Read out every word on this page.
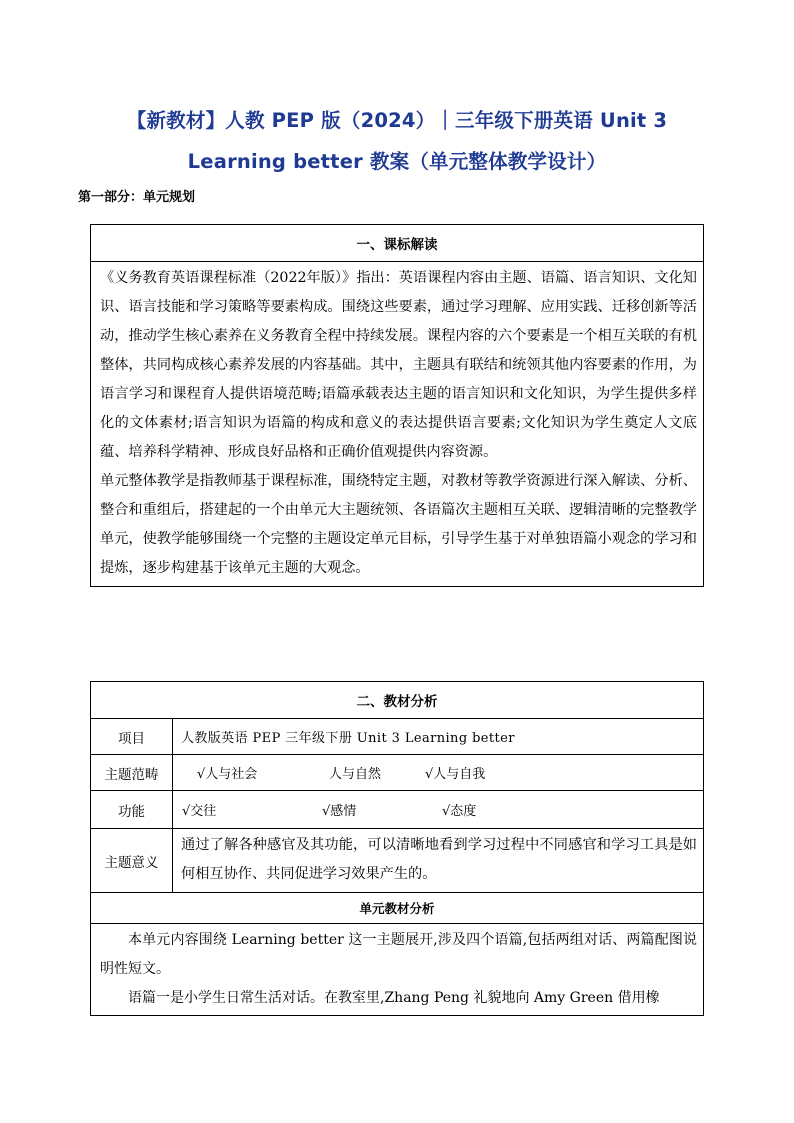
【新教材】人教 PEP 版（2024）｜三年级下册英语 Unit 3
Learning better 教案（单元整体教学设计）
第一部分：单元规划
一、课标解读

《义务教育英语课程标准（2022年版）》指出：英语课程内容由主题、语篇、语言知识、文化知识、语言技能和学习策略等要素构成。围绕这些要素，通过学习理解、应用实践、迁移创新等活动，推动学生核心素养在义务教育全程中持续发展。课程内容的六个要素是一个相互关联的有机整体，共同构成核心素养发展的内容基础。其中，主题具有联结和统领其他内容要素的作用，为语言学习和课程育人提供语境范畴;语篇承载表达主题的语言知识和文化知识，为学生提供多样化的文体素材;语言知识为语篇的构成和意义的表达提供语言要素;文化知识为学生奠定人文底蕴、培养科学精神、形成良好品格和正确价值观提供内容资源。

单元整体教学是指教师基于课程标准，围绕特定主题，对教材等教学资源进行深入解读、分析、整合和重组后，搭建起的一个由单元大主题统领、各语篇次主题相互关联、逻辑清晰的完整教学单元，使教学能够围绕一个完整的主题设定单元目标，引导学生基于对单独语篇小观念的学习和提炼，逐步构建基于该单元主题的大观念。

二、教材分析	
项目	人教版英语 PEP 三年级下册 Unit 3 Learning better
主题范畴	√人与社会 人与自然 √人与自我
功能	√交往 √感情 √态度
主题意义	通过了解各种感官及其功能，可以清晰地看到学习过程中不同感官和学习工具是如何相互协作、共同促进学习效果产生的。
单元教材分析	

本单元内容围绕 Learning better 这一主题展开,涉及四个语篇,包括两组对话、两篇配图说明性短文。

语篇一是小学生日常生活对话。在教室里,Zhang Peng 礼貌地向 Amy Green 借用橡	
